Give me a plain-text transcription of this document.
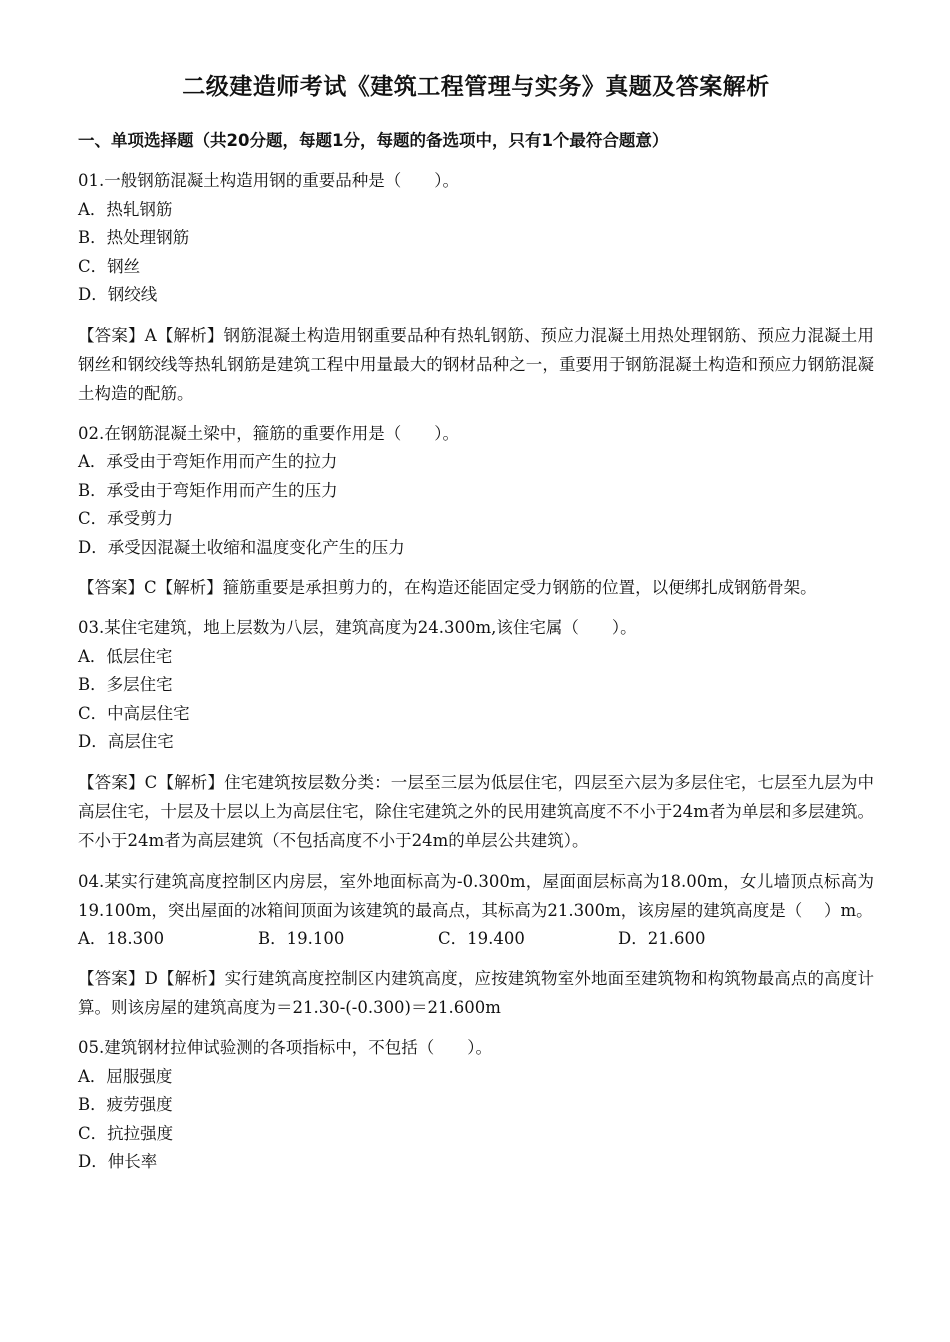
二级建造师考试《建筑工程管理与实务》真题及答案解析
一、单项选择题（共20分题，每题1分，每题的备选项中，只有1个最符合题意）
01.一般钢筋混凝土构造用钢的重要品种是（　　）。
A．热轧钢筋
B．热处理钢筋
C．钢丝
D．钢绞线
【答案】A【解析】钢筋混凝土构造用钢重要品种有热轧钢筋、预应力混凝土用热处理钢筋、预应力混凝土用钢丝和钢绞线等热轧钢筋是建筑工程中用量最大的钢材品种之一，重要用于钢筋混凝土构造和预应力钢筋混凝土构造的配筋。
02.在钢筋混凝土梁中，箍筋的重要作用是（　　）。
A．承受由于弯矩作用而产生的拉力
B．承受由于弯矩作用而产生的压力
C．承受剪力
D．承受因混凝土收缩和温度变化产生的压力
【答案】C【解析】箍筋重要是承担剪力的，在构造还能固定受力钢筋的位置，以便绑扎成钢筋骨架。
03.某住宅建筑，地上层数为八层，建筑高度为24.300m,该住宅属（　　）。
A．低层住宅
B．多层住宅
C．中高层住宅
D．高层住宅
【答案】C【解析】住宅建筑按层数分类：一层至三层为低层住宅，四层至六层为多层住宅，七层至九层为中高层住宅，十层及十层以上为高层住宅，除住宅建筑之外的民用建筑高度不不小于24m者为单层和多层建筑。不小于24m者为高层建筑（不包括高度不小于24m的单层公共建筑）。
04.某实行建筑高度控制区内房层，室外地面标高为-0.300m，屋面面层标高为18.00m，女儿墙顶点标高为19.100m，突出屋面的冰箱间顶面为该建筑的最高点，其标高为21.300m，该房屋的建筑高度是（　 ）m。
A．18.300	B．19.100	C．19.400	D．21.600
【答案】D【解析】实行建筑高度控制区内建筑高度，应按建筑物室外地面至建筑物和构筑物最高点的高度计算。则该房屋的建筑高度为＝21.30-(-0.300)＝21.600m
05.建筑钢材拉伸试验测的各项指标中，不包括（　　）。
A．屈服强度
B．疲劳强度
C．抗拉强度
D．伸长率
